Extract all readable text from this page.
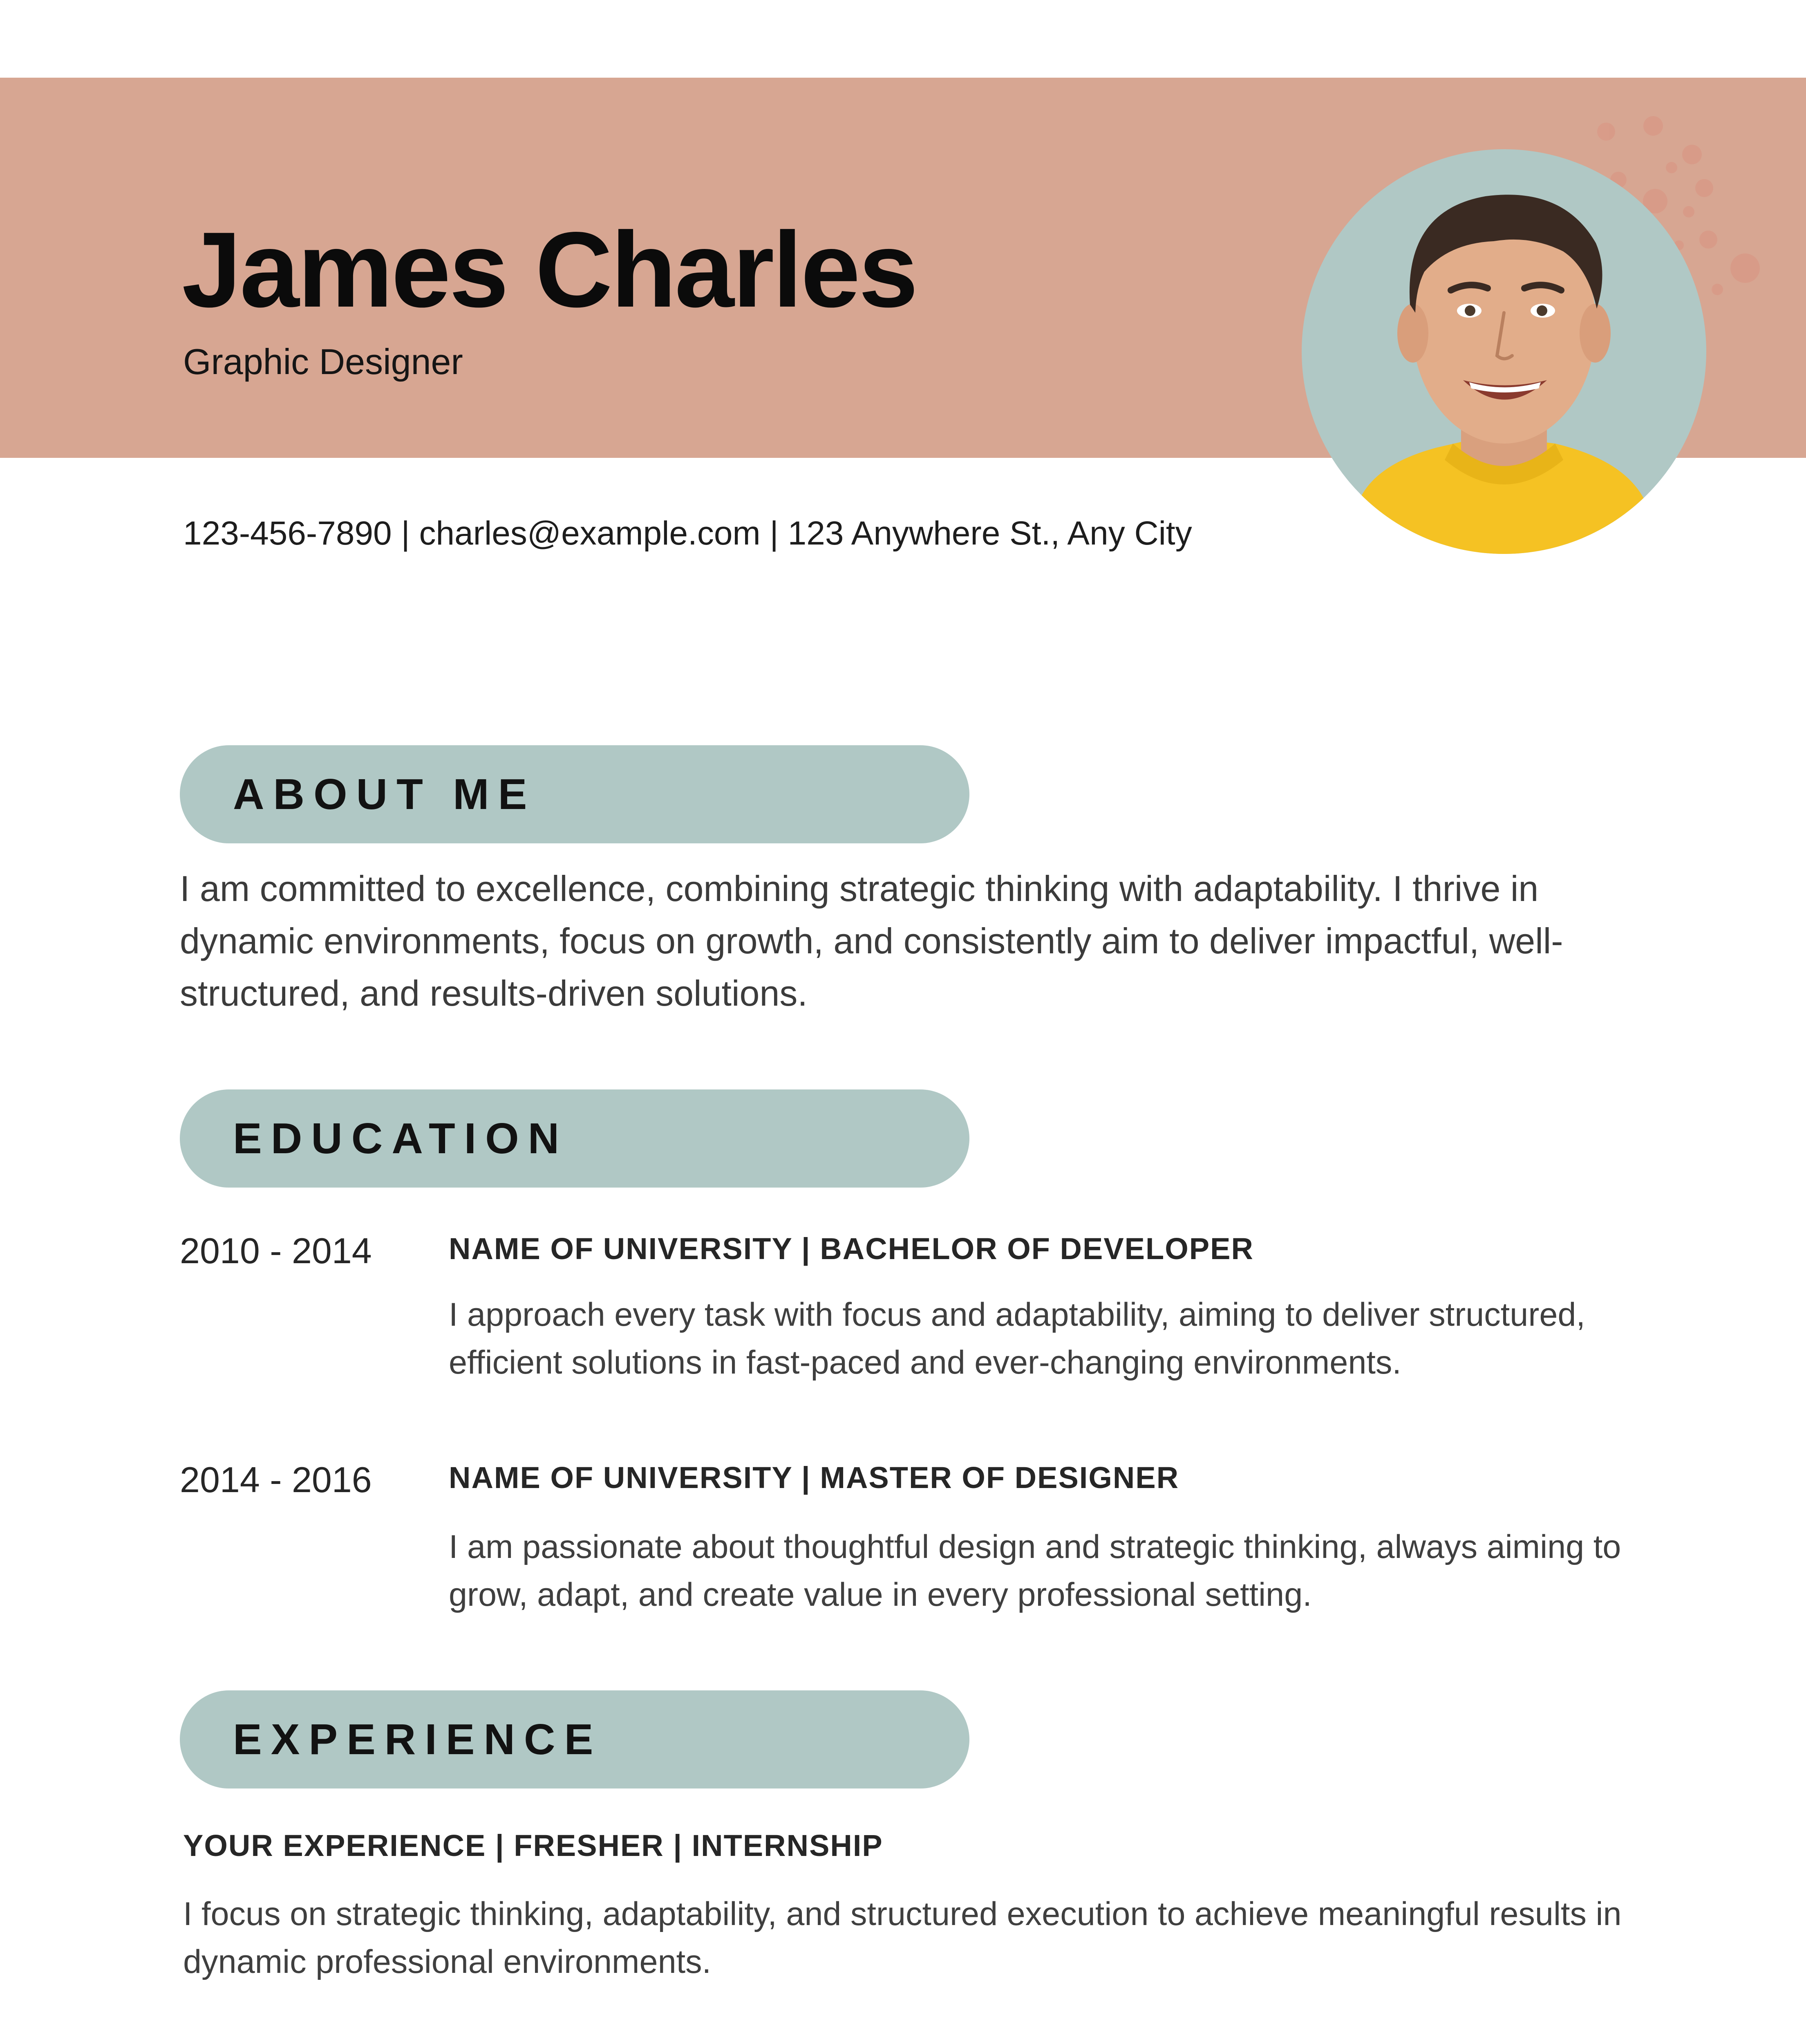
James Charles
Graphic Designer
123-456-7890 | charles@example.com | 123 Anywhere St., Any City
ABOUT ME
I am committed to excellence, combining strategic thinking with adaptability. I thrive in dynamic environments, focus on growth, and consistently aim to deliver impactful, well-structured, and results-driven solutions.
EDUCATION
2010 - 2014	NAME OF UNIVERSITY | BACHELOR OF DEVELOPER
I approach every task with focus and adaptability, aiming to deliver structured, efficient solutions in fast-paced and ever-changing environments.
2014 - 2016	NAME OF UNIVERSITY | MASTER OF DESIGNER
I am passionate about thoughtful design and strategic thinking, always aiming to grow, adapt, and create value in every professional setting.
EXPERIENCE
YOUR EXPERIENCE | FRESHER | INTERNSHIP
I focus on strategic thinking, adaptability, and structured execution to achieve meaningful results in dynamic professional environments.
